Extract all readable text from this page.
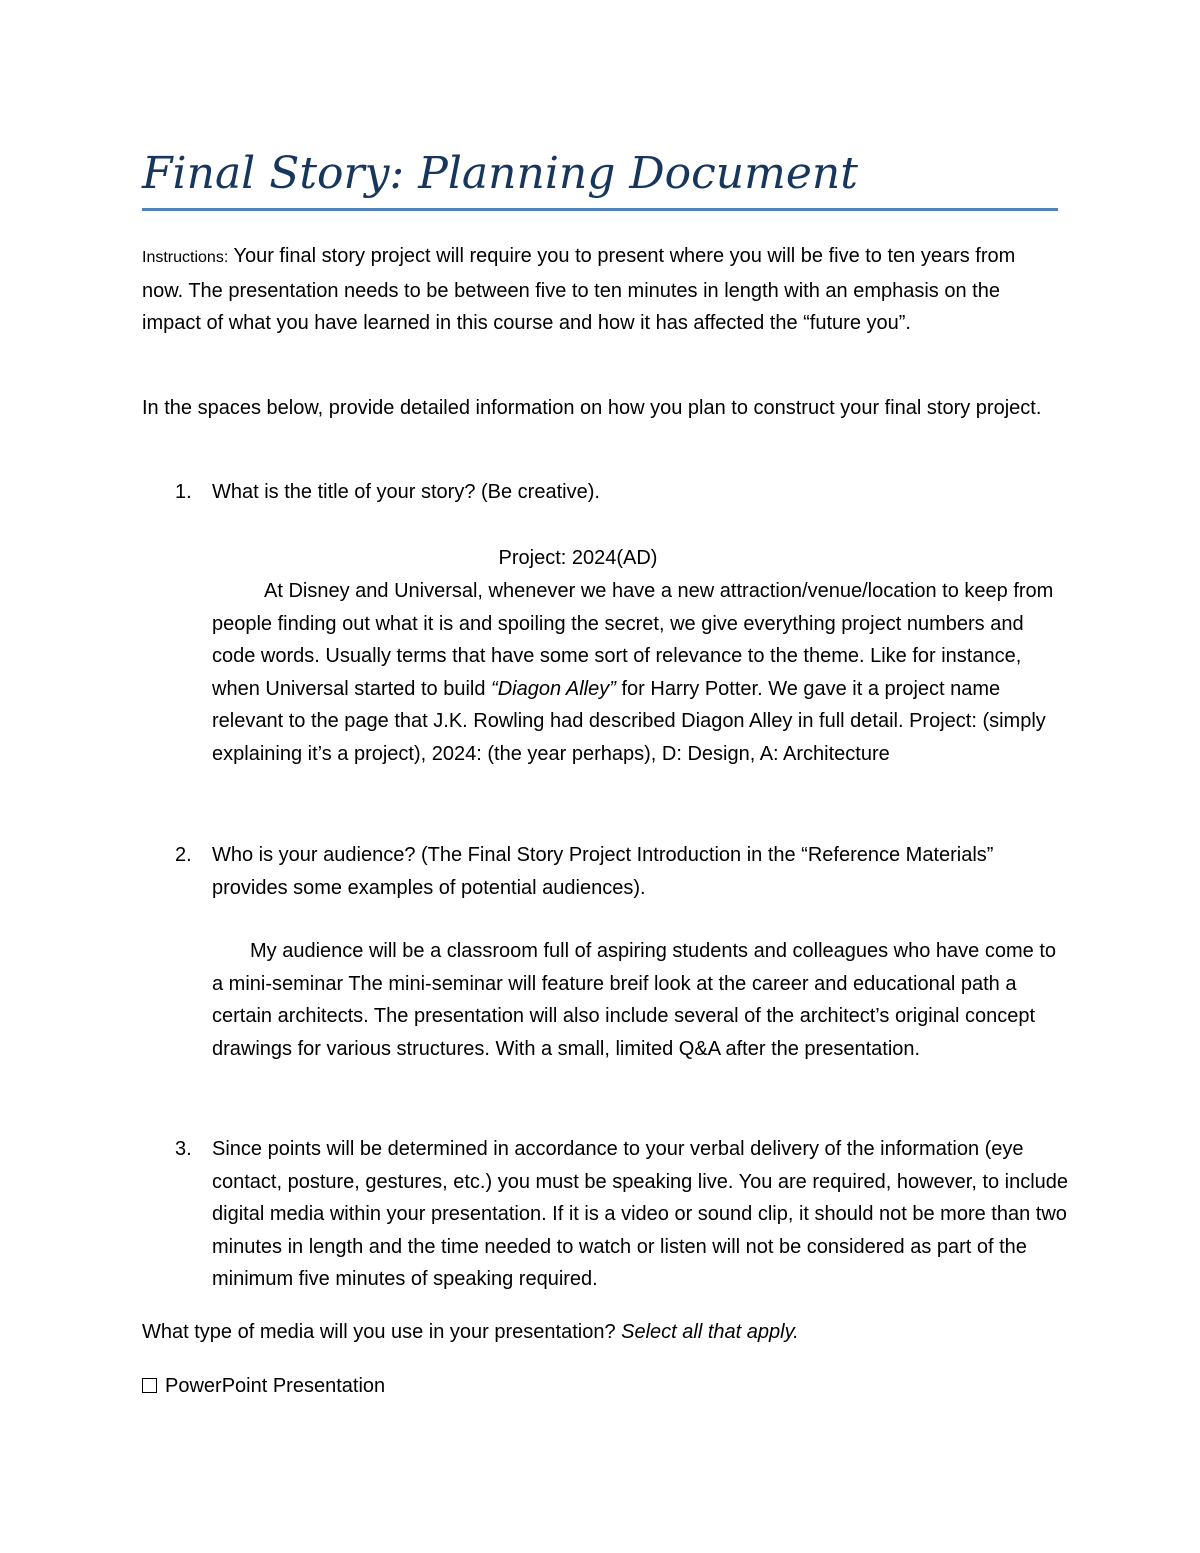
Final Story: Planning Document

Instructions: Your final story project will require you to present where you will be five to ten years from now. The presentation needs to be between five to ten minutes in length with an emphasis on the impact of what you have learned in this course and how it has affected the “future you”.

In the spaces below, provide detailed information on how you plan to construct your final story project.

1. What is the title of your story? (Be creative).
Project: 2024(AD)

At Disney and Universal, whenever we have a new attraction/venue/location to keep from people finding out what it is and spoiling the secret, we give everything project numbers and code words. Usually terms that have some sort of relevance to the theme. Like for instance, when Universal started to build “Diagon Alley” for Harry Potter. We gave it a project name relevant to the page that J.K. Rowling had described Diagon Alley in full detail. Project: (simply explaining it’s a project), 2024: (the year perhaps), D: Design, A: Architecture

2. Who is your audience? (The Final Story Project Introduction in the “Reference Materials” provides some examples of potential audiences).

My audience will be a classroom full of aspiring students and colleagues who have come to a mini-seminar The mini-seminar will feature breif look at the career and educational path a certain architects. The presentation will also include several of the architect’s original concept drawings for various structures. With a small, limited Q&A after the presentation.

3. Since points will be determined in accordance to your verbal delivery of the information (eye contact, posture, gestures, etc.) you must be speaking live. You are required, however, to include digital media within your presentation. If it is a video or sound clip, it should not be more than two minutes in length and the time needed to watch or listen will not be considered as part of the minimum five minutes of speaking required.

What type of media will you use in your presentation? Select all that apply.

PowerPoint Presentation
